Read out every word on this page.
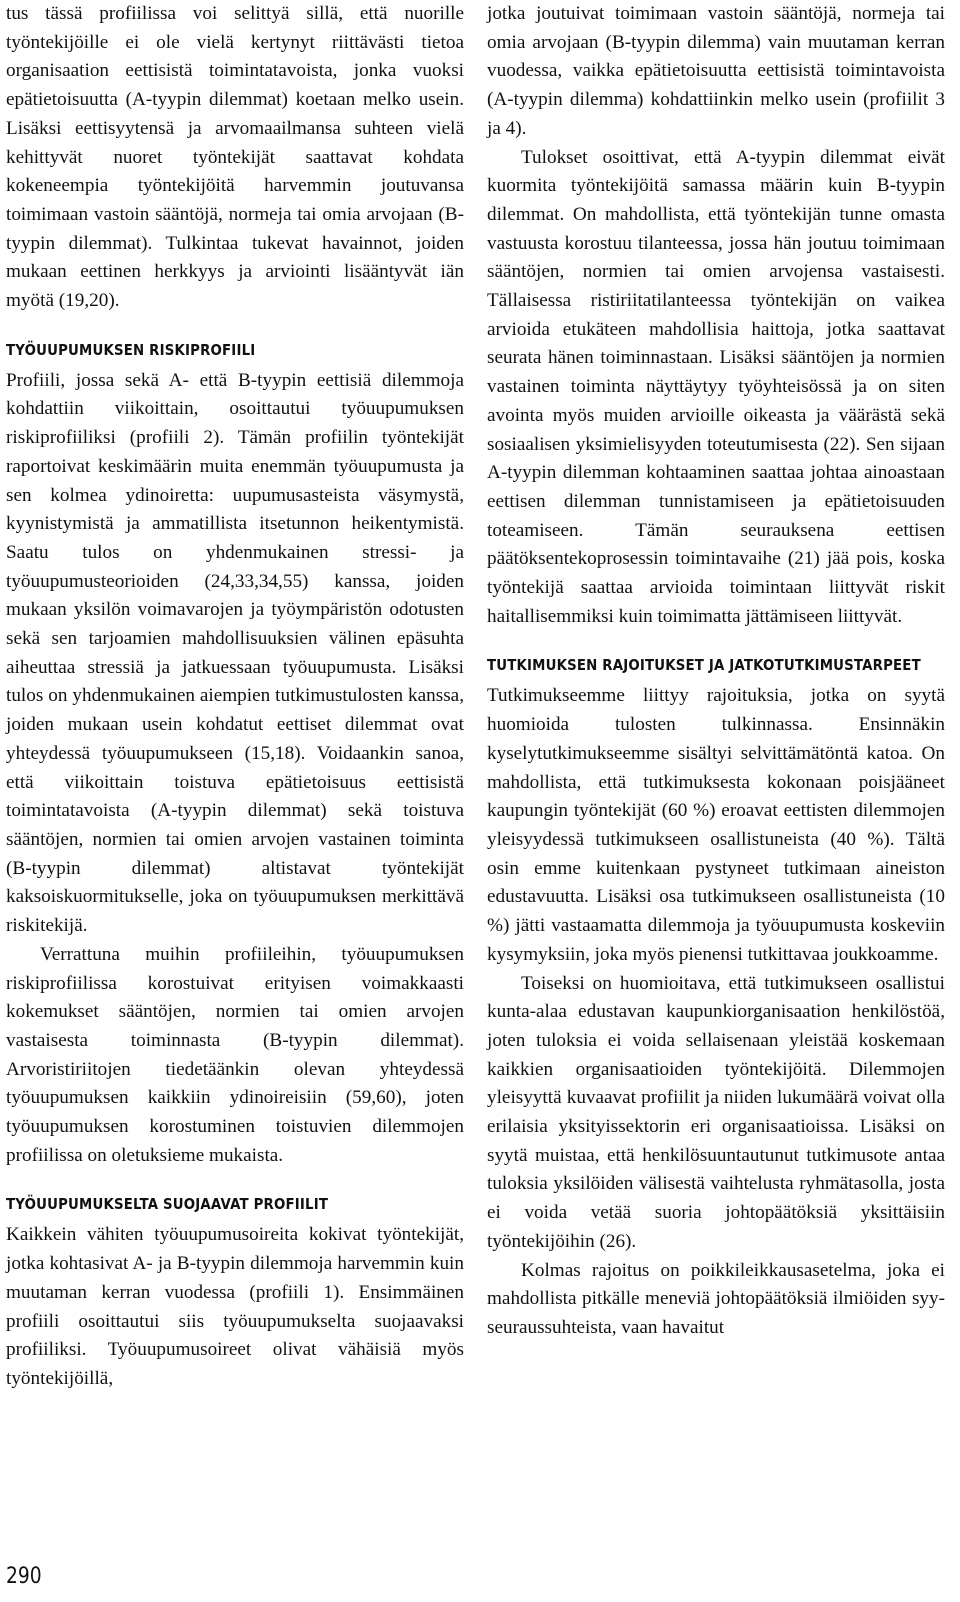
tus tässä profiilissa voi selittyä sillä, että nuorille työntekijöille ei ole vielä kertynyt riittävästi tietoa organisaation eettisistä toimintatavoista, jonka vuoksi epätietoisuutta (A-tyypin dilemmat) koetaan melko usein. Lisäksi eettisyytensä ja arvomaailmansa suhteen vielä kehittyvät nuoret työntekijät saattavat kohdata kokeneempia työntekijöitä harvemmin joutuvansa toimimaan vastoin sääntöjä, normeja tai omia arvojaan (B-tyypin dilemmat). Tulkintaa tukevat havainnot, joiden mukaan eettinen herkkyys ja arviointi lisääntyvät iän myötä (19,20).

TYÖUUPUMUKSEN RISKIPROFIILI

Profiili, jossa sekä A- että B-tyypin eettisiä dilemmoja kohdattiin viikoittain, osoittautui työuupumuksen riskiprofiiliksi (profiili 2). Tämän profiilin työntekijät raportoivat keskimäärin muita enemmän työuupumusta ja sen kolmea ydinoiretta: uupumusasteista väsymystä, kyynistymistä ja ammatillista itsetunnon heikentymistä. Saatu tulos on yhdenmukainen stressi- ja työuupumusteorioiden (24,33,34,55) kanssa, joiden mukaan yksilön voimavarojen ja työympäristön odotusten sekä sen tarjoamien mahdollisuuksien välinen epäsuhta aiheuttaa stressiä ja jatkuessaan työuupumusta. Lisäksi tulos on yhdenmukainen aiempien tutkimustulosten kanssa, joiden mukaan usein kohdatut eettiset dilemmat ovat yhteydessä työuupumukseen (15,18). Voidaankin sanoa, että viikoittain toistuva epätietoisuus eettisistä toimintatavoista (A-tyypin dilemmat) sekä toistuva sääntöjen, normien tai omien arvojen vastainen toiminta (B-tyypin dilemmat) altistavat työntekijät kaksoiskuormitukselle, joka on työuupumuksen merkittävä riskitekijä.

Verrattuna muihin profiileihin, työuupumuksen riskiprofiilissa korostuivat erityisen voimakkaasti kokemukset sääntöjen, normien tai omien arvojen vastaisesta toiminnasta (B-tyypin dilemmat). Arvoristiriitojen tiedetäänkin olevan yhteydessä työuupumuksen kaikkiin ydinoireisiin (59,60), joten työuupumuksen korostuminen toistuvien dilemmojen profiilissa on oletuksieme mukaista.

TYÖUUPUMUKSELTA SUOJAAVAT PROFIILIT

Kaikkein vähiten työuupumusoireita kokivat työntekijät, jotka kohtasivat A- ja B-tyypin dilemmoja harvemmin kuin muutaman kerran vuodessa (profiili 1). Ensimmäinen profiili osoittautui siis työuupumukselta suojaavaksi profiiliksi. Työuupumusoireet olivat vähäisiä myös työntekijöillä,

jotka joutuivat toimimaan vastoin sääntöjä, normeja tai omia arvojaan (B-tyypin dilemma) vain muutaman kerran vuodessa, vaikka epätietoisuutta eettisistä toimintavoista (A-tyypin dilemma) kohdattiinkin melko usein (profiilit 3 ja 4).

Tulokset osoittivat, että A-tyypin dilemmat eivät kuormita työntekijöitä samassa määrin kuin B-tyypin dilemmat. On mahdollista, että työntekijän tunne omasta vastuusta korostuu tilanteessa, jossa hän joutuu toimimaan sääntöjen, normien tai omien arvojensa vastaisesti. Tällaisessa ristiriitatilanteessa työntekijän on vaikea arvioida etukäteen mahdollisia haittoja, jotka saattavat seurata hänen toiminnastaan. Lisäksi sääntöjen ja normien vastainen toiminta näyttäytyy työyhteisössä ja on siten avointa myös muiden arvioille oikeasta ja väärästä sekä sosiaalisen yksimielisyyden toteutumisesta (22). Sen sijaan A-tyypin dilemman kohtaaminen saattaa johtaa ainoastaan eettisen dilemman tunnistamiseen ja epätietoisuuden toteamiseen. Tämän seurauksena eettisen päätöksentekoprosessin toimintavaihe (21) jää pois, koska työntekijä saattaa arvioida toimintaan liittyvät riskit haitallisemmiksi kuin toimimatta jättämiseen liittyvät.

TUTKIMUKSEN RAJOITUKSET JA JATKOTUTKIMUSTARPEET

Tutkimukseemme liittyy rajoituksia, jotka on syytä huomioida tulosten tulkinnassa. Ensinnäkin kyselytutkimukseemme sisältyi selvittämätöntä katoa. On mahdollista, että tutkimuksesta kokonaan poisjääneet kaupungin työntekijät (60 %) eroavat eettisten dilemmojen yleisyydessä tutkimukseen osallistuneista (40 %). Tältä osin emme kuitenkaan pystyneet tutkimaan aineiston edustavuutta. Lisäksi osa tutkimukseen osallistuneista (10 %) jätti vastaamatta dilemmoja ja työuupumusta koskeviin kysymyksiin, joka myös pienensi tutkittavaa joukkoamme.

Toiseksi on huomioitava, että tutkimukseen osallistui kunta-alaa edustavan kaupunkiorganisaation henkilöstöä, joten tuloksia ei voida sellaisenaan yleistää koskemaan kaikkien organisaatioiden työntekijöitä. Dilemmojen yleisyyttä kuvaavat profiilit ja niiden lukumäärä voivat olla erilaisia yksityissektorin eri organisaatioissa. Lisäksi on syytä muistaa, että henkilösuuntautunut tutkimusote antaa tuloksia yksilöiden välisestä vaihtelusta ryhmätasolla, josta ei voida vetää suoria johtopäätöksiä yksittäisiin työntekijöihin (26).

Kolmas rajoitus on poikkileikkausasetelma, joka ei mahdollista pitkälle meneviä johtopäätöksiä ilmiöiden syy-seuraussuhteista, vaan havaitut

290
